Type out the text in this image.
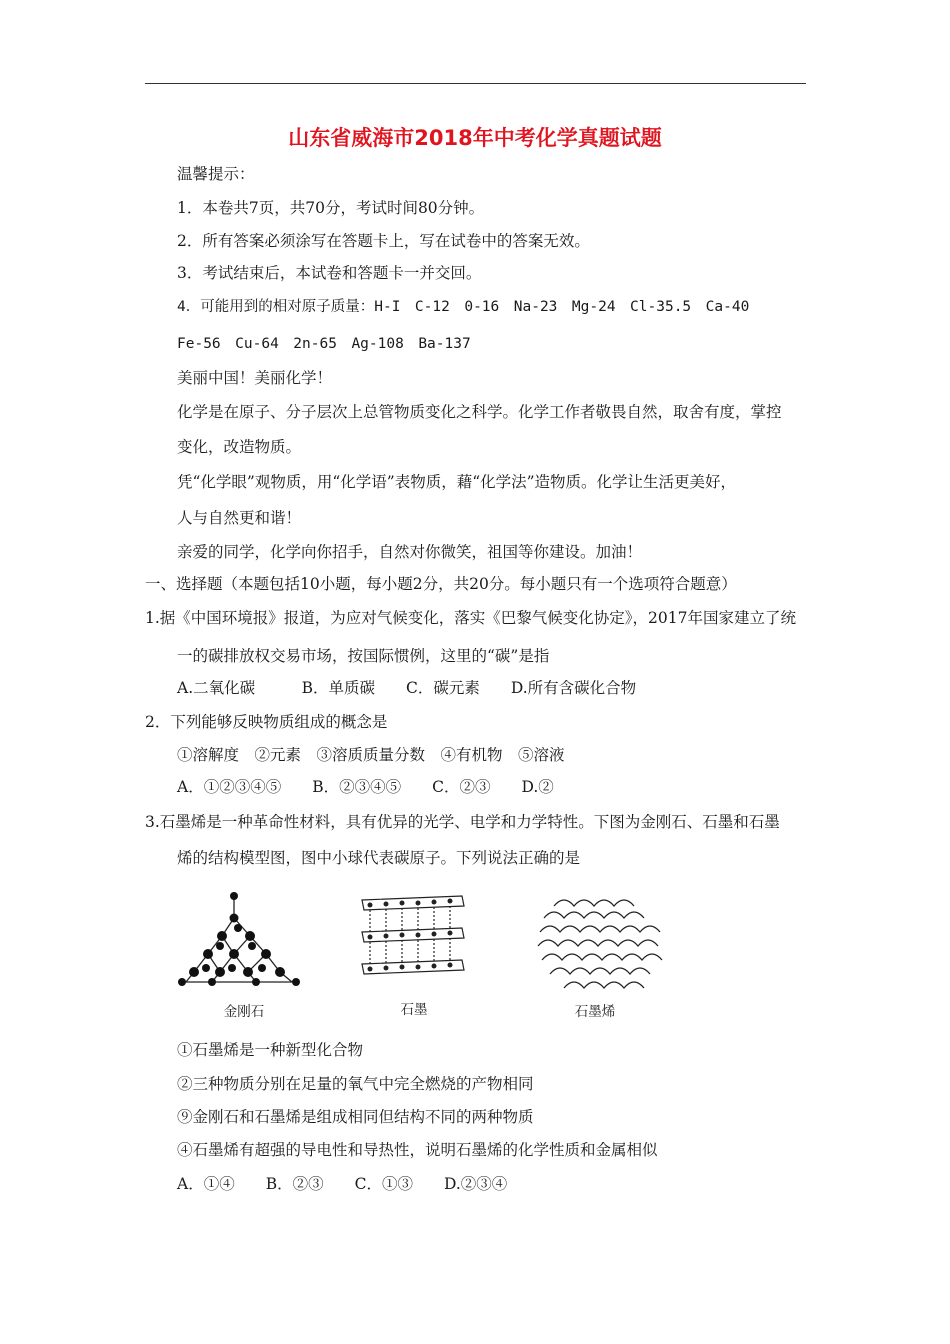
山东省威海市2018年中考化学真题试题
温馨提示：
1．本卷共7页，共70分，考试时间80分钟。
2．所有答案必须涂写在答题卡上，写在试卷中的答案无效。
3．考试结束后，本试卷和答题卡一并交回。
4．可能用到的相对原子质量：H-I　C-12　0-16　Na-23　Mg-24　Cl-35.5　Ca-40
Fe-56　Cu-64　2n-65　Ag-108　Ba-137
美丽中国！美丽化学！
化学是在原子、分子层次上总管物质变化之科学。化学工作者敬畏自然，取舍有度，掌控
变化，改造物质。
凭“化学眼”观物质，用“化学语”表物质，藉“化学法”造物质。化学让生活更美好，
人与自然更和谐！
亲爱的同学，化学向你招手，自然对你微笑，祖国等你建设。加油！
一、选择题（本题包括10小题，每小题2分，共20分。每小题只有一个选项符合题意）
1.据《中国环境报》报道，为应对气候变化，落实《巴黎气候变化协定》，2017年国家建立了统
一的碳排放权交易市场，按国际惯例，这里的“碳”是指
A.二氧化碳　　　B．单质碳　　C．碳元素　　D.所有含碳化合物
2．下列能够反映物质组成的概念是
①溶解度　②元素　③溶质质量分数　④有机物　⑤溶液
A．①②③④⑤　　B．②③④⑤　　C．②③　　D.②
3.石墨烯是一种革命性材料，具有优异的光学、电学和力学特性。下图为金刚石、石墨和石墨
烯的结构模型图，图中小球代表碳原子。下列说法正确的是
金刚石	石墨	石墨烯
①石墨烯是一种新型化合物
②三种物质分别在足量的氧气中完全燃烧的产物相同
⑨金刚石和石墨烯是组成相同但结构不同的两种物质
④石墨烯有超强的导电性和导热性，说明石墨烯的化学性质和金属相似
A．①④　　B．②③　　C．①③　　D.②③④
